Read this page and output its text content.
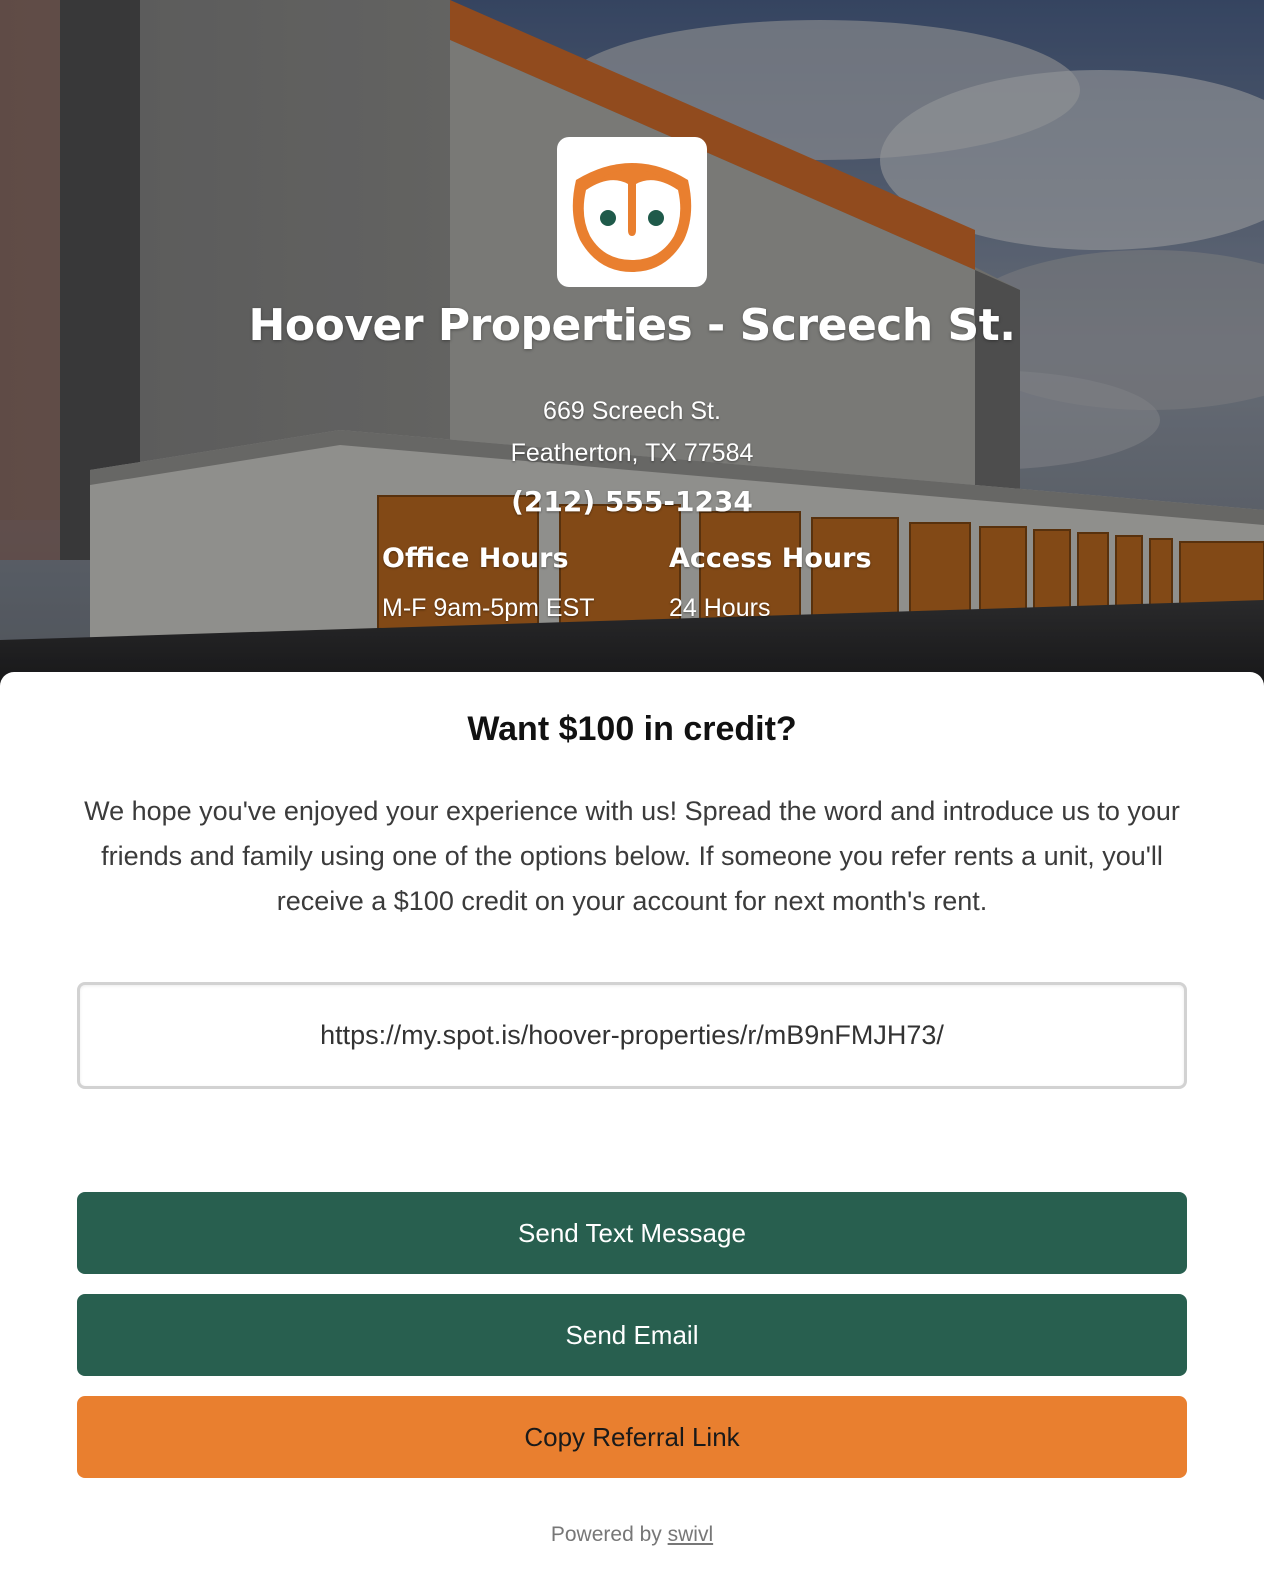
Hoover Properties - Screech St.
669 Screech St.
Featherton, TX 77584
(212) 555-1234
Office Hours
M-F 9am-5pm EST
Access Hours
24 Hours
Want $100 in credit?
We hope you've enjoyed your experience with us! Spread the word and introduce us to your friends and family using one of the options below. If someone you refer rents a unit, you'll receive a $100 credit on your account for next month's rent.
https://my.spot.is/hoover-properties/r/mB9nFMJH73/
Send Text Message
Send Email
Copy Referral Link
Powered by swivl
